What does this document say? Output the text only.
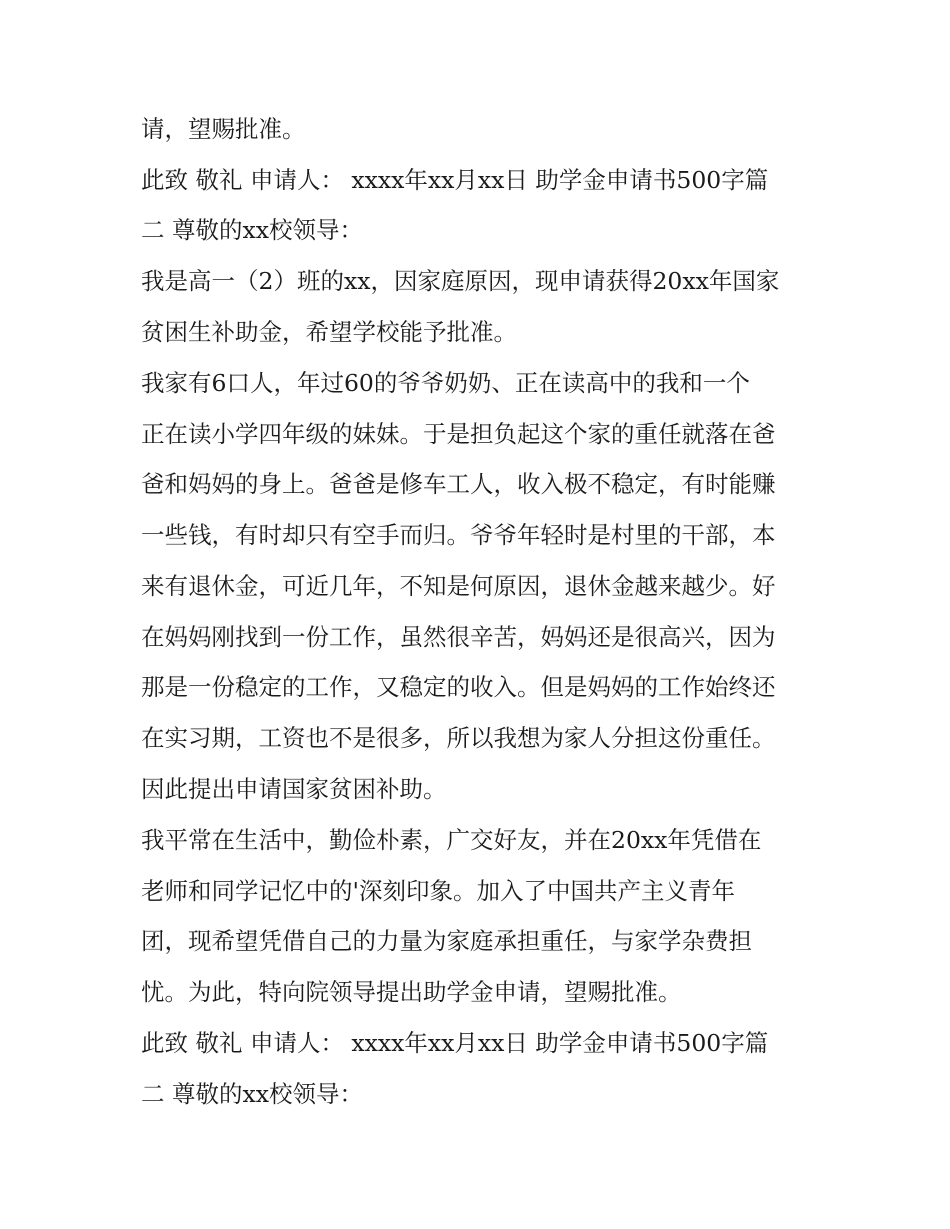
请，望赐批准。

此致 敬礼 申请人： xxxx年xx月xx日 助学金申请书500字篇

二 尊敬的xx校领导：

我是高一（2）班的xx，因家庭原因，现申请获得20xx年国家

贫困生补助金，希望学校能予批准。

我家有6口人，年过60的爷爷奶奶、正在读高中的我和一个

正在读小学四年级的妹妹。于是担负起这个家的重任就落在爸

爸和妈妈的身上。爸爸是修车工人，收入极不稳定，有时能赚

一些钱，有时却只有空手而归。爷爷年轻时是村里的干部，本

来有退休金，可近几年，不知是何原因，退休金越来越少。好

在妈妈刚找到一份工作，虽然很辛苦，妈妈还是很高兴，因为

那是一份稳定的工作，又稳定的收入。但是妈妈的工作始终还

在实习期，工资也不是很多，所以我想为家人分担这份重任。

因此提出申请国家贫困补助。

我平常在生活中，勤俭朴素，广交好友，并在20xx年凭借在

老师和同学记忆中的'深刻印象。加入了中国共产主义青年

团，现希望凭借自己的力量为家庭承担重任，与家学杂费担

忧。为此，特向院领导提出助学金申请，望赐批准。

此致 敬礼 申请人： xxxx年xx月xx日 助学金申请书500字篇

二 尊敬的xx校领导：
